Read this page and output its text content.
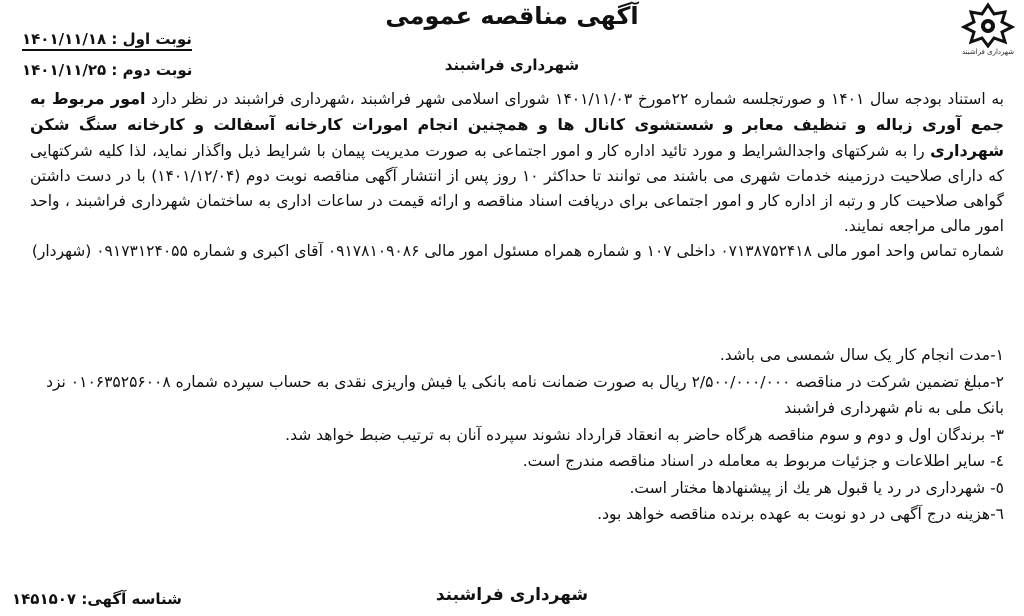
شهرداری فراشبند
آگهی مناقصه عمومی
شهرداری فراشبند
نوبت اول : ۱۴۰۱/۱۱/۱۸
نوبت دوم : ۱۴۰۱/۱۱/۲۵

به استناد بودجه سال ۱۴۰۱ و صورتجلسه شماره ۲۲مورخ ۱۴۰۱/۱۱/۰۳ شورای اسلامی شهر فراشبند ،شهرداری فراشبند در نظر دارد امور مربوط به جمع آوری زباله و تنظیف معابر و شستشوی کانال ها و همچنین انجام امورات کارخانه آسفالت و کارخانه سنگ شکن شهرداری را به شرکتهای واجدالشرایط و مورد تائید اداره کار و امور اجتماعی به صورت مدیریت پیمان با شرایط ذیل واگذار نماید، لذا کلیه شرکتهایی که دارای صلاحیت درزمینه خدمات شهری می باشند می توانند تا حداکثر ۱۰ روز پس از انتشار آگهی مناقصه نوبت دوم (۱۴۰۱/۱۲/۰۴) با در دست داشتن گواهی صلاحیت کار و رتبه از اداره کار و امور اجتماعی برای دریافت اسناد مناقصه و ارائه قیمت در ساعات اداری به ساختمان شهرداری فراشبند ، واحد امور مالی مراجعه نمایند.

شماره تماس واحد امور مالی ۰۷۱۳۸۷۵۲۴۱۸ داخلی ۱۰۷ و شماره همراه مسئول امور مالی ۰۹۱۷۸۱۰۹۰۸۶ آقای اکبری و شماره ۰۹۱۷۳۱۲۴۰۵۵ (شهردار)

۱-مدت انجام کار یک سال شمسی می باشد.

۲-مبلغ تضمین شرکت در مناقصه ۲/۵۰۰/۰۰۰/۰۰۰ ریال به صورت ضمانت نامه بانکی یا فیش واریزی نقدی به حساب سپرده شماره ۰۱۰۶۳۵۲۵۶۰۰۸ نزد بانک ملی به نام شهرداری فراشبند

۳- برندگان اول و دوم و سوم مناقصه هرگاه حاضر به انعقاد قرارداد نشوند سپرده آنان به ترتیب ضبط خواهد شد.

٤- سایر اطلاعات و جزئیات مربوط به معامله در اسناد مناقصه مندرج است.

٥- شهرداری در رد یا قبول هر یك از پیشنهادها مختار است.

٦-هزینه درج آگهی در دو نوبت به عهده برنده مناقصه خواهد بود.

شهرداری فراشبند
شناسه آگهی: ۱۴۵۱۵۰۷
